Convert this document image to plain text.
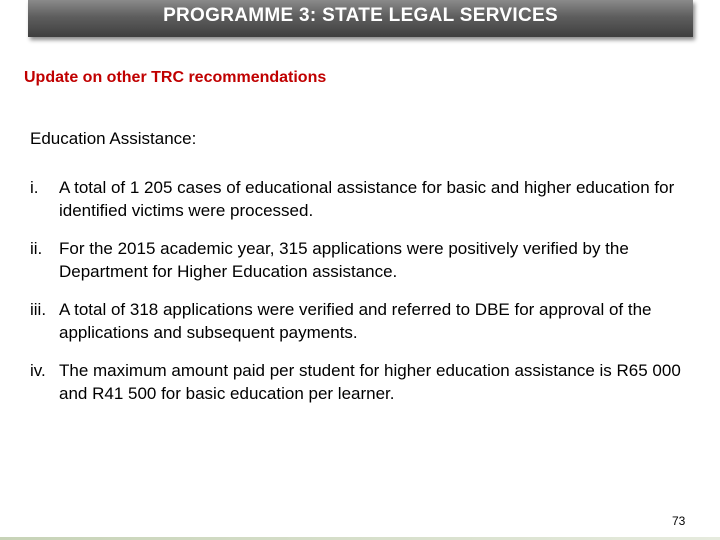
PROGRAMME 3: STATE LEGAL SERVICES
Update on other TRC recommendations
Education Assistance:
i. A total of 1 205 cases of educational assistance for basic and higher education for identified victims were processed.
ii. For the 2015 academic year, 315 applications were positively verified by the Department for Higher Education assistance.
iii. A total of 318 applications were verified and referred to DBE for approval of the applications and subsequent payments.
iv. The maximum amount paid per student for higher education assistance is R65 000 and R41 500 for basic education per learner.
73
